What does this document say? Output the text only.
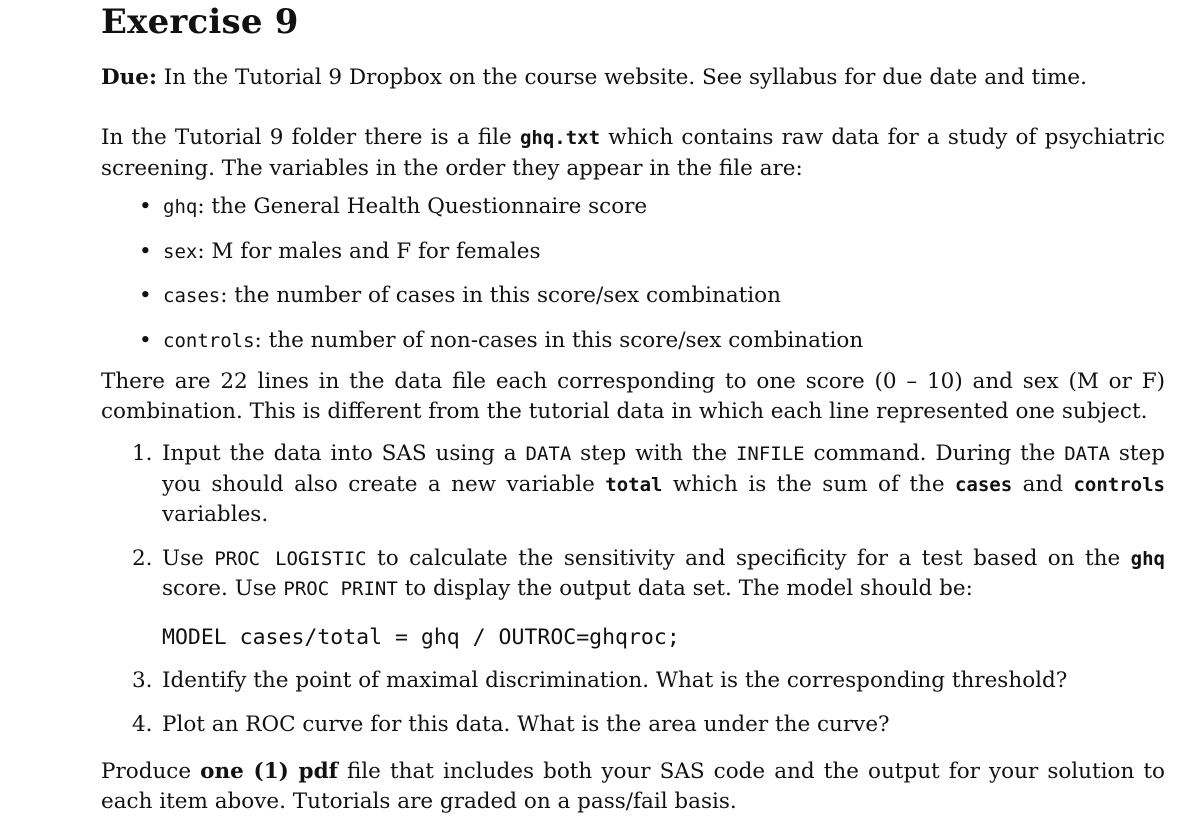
Exercise 9

Due: In the Tutorial 9 Dropbox on the course website. See syllabus for due date and time.

In the Tutorial 9 folder there is a file ghq.txt which contains raw data for a study of psychiatric screening. The variables in the order they appear in the file are:

• ghq: the General Health Questionnaire score
• sex: M for males and F for females
• cases: the number of cases in this score/sex combination
• controls: the number of non-cases in this score/sex combination

There are 22 lines in the data file each corresponding to one score (0 – 10) and sex (M or F) combination. This is different from the tutorial data in which each line represented one subject.

1. Input the data into SAS using a DATA step with the INFILE command. During the DATA step you should also create a new variable total which is the sum of the cases and controls variables.
2. Use PROC LOGISTIC to calculate the sensitivity and specificity for a test based on the ghq score. Use PROC PRINT to display the output data set. The model should be:
MODEL cases/total = ghq / OUTROC=ghqroc;
3. Identify the point of maximal discrimination. What is the corresponding threshold?
4. Plot an ROC curve for this data. What is the area under the curve?

Produce one (1) pdf file that includes both your SAS code and the output for your solution to each item above. Tutorials are graded on a pass/fail basis.
